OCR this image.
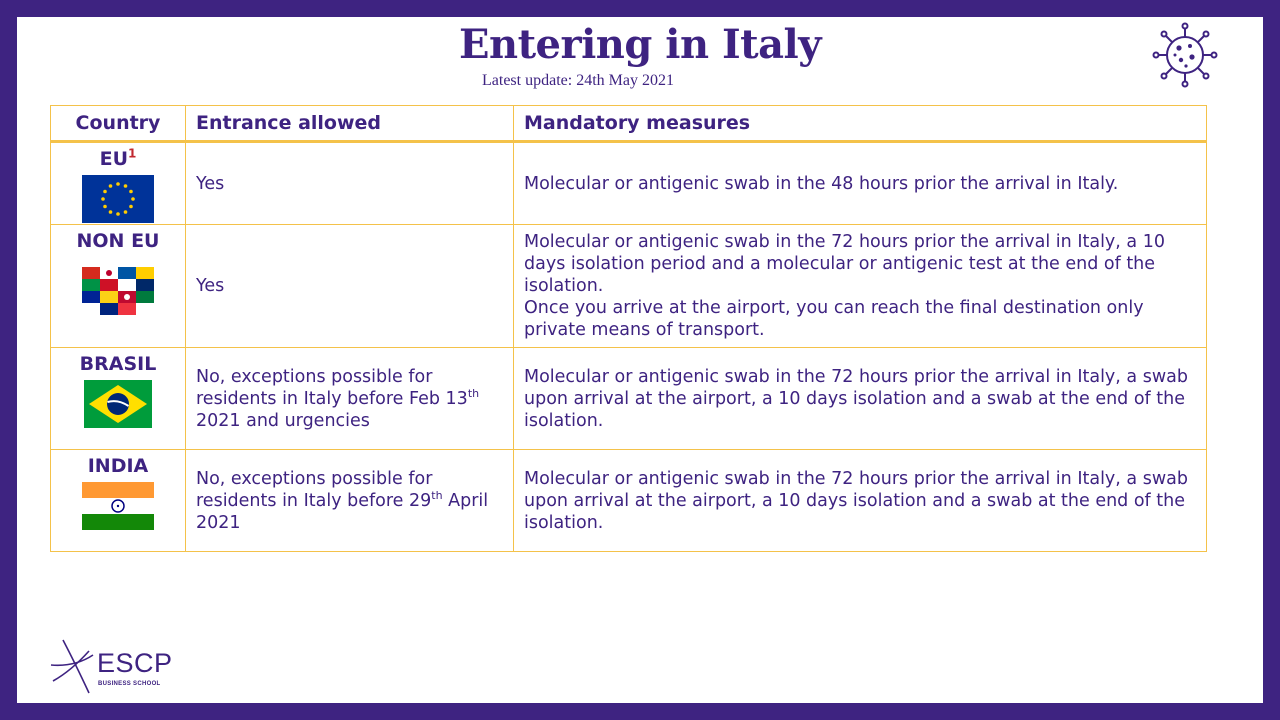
Entering in Italy
Latest update: 24th May 2021
Country	Entrance allowed	Mandatory measures

$EU^1$	Yes	Molecular or antigenic swab in the 48 hours prior the arrival in Italy.

NON EU	Yes	Molecular or antigenic swab in the 72 hours prior the arrival in Italy, a 10 days isolation period and a molecular or antigenic test at the end of the isolation.
Once you arrive at the airport, you can reach the final destination only private means of transport.

BRASIL	No, exceptions possible for residents in Italy before Feb 13th 2021 and urgencies	Molecular or antigenic swab in the 72 hours prior the arrival in Italy, a swab upon arrival at the airport, a 10 days isolation and a swab at the end of the isolation.

INDIA	No, exceptions possible for residents in Italy before 29th April 2021	Molecular or antigenic swab in the 72 hours prior the arrival in Italy, a swab upon arrival at the airport, a 10 days isolation and a swab at the end of the isolation.
ESCP
BUSINESS SCHOOL
